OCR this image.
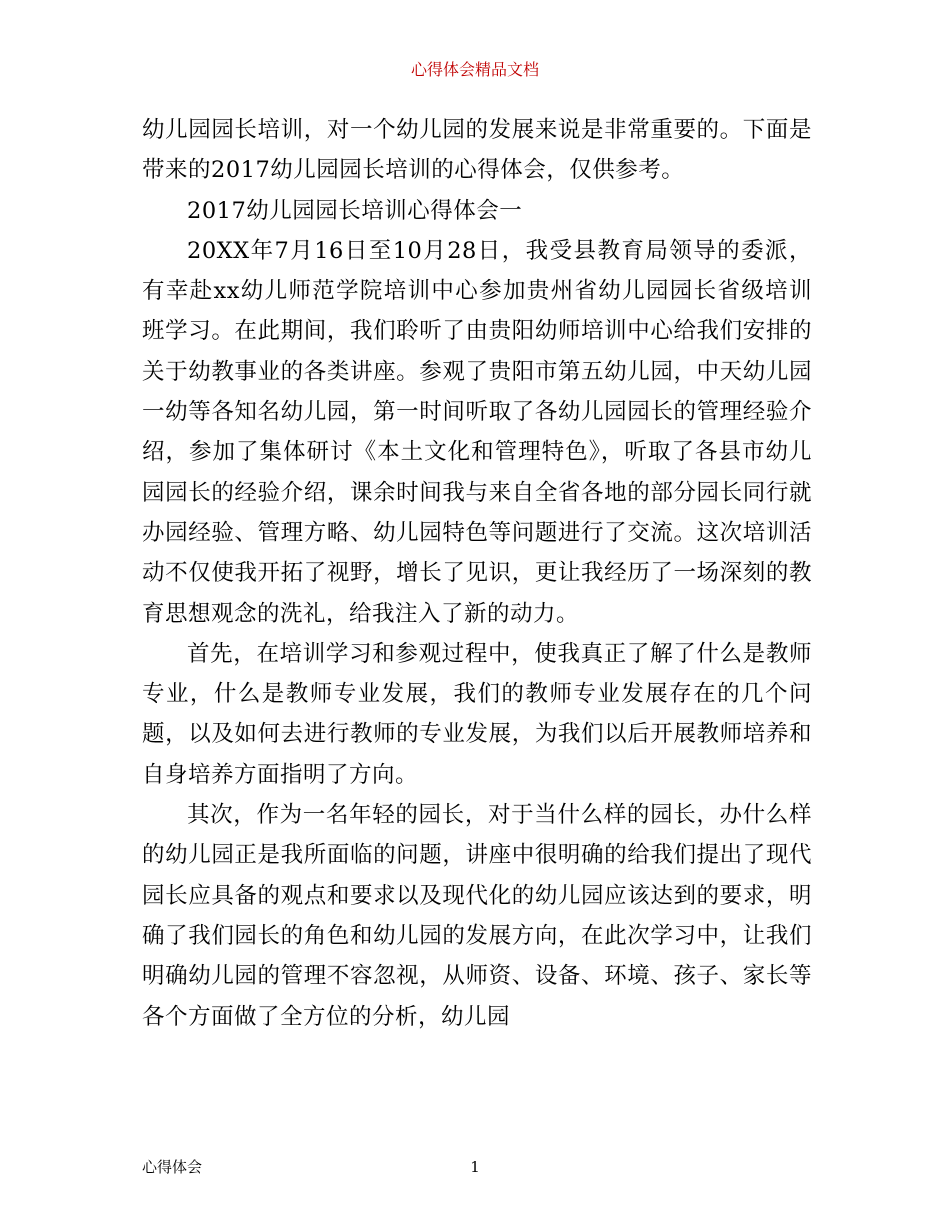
心得体会精品文档

幼儿园园长培训，对一个幼儿园的发展来说是非常重要的。下面是带来的2017幼儿园园长培训的心得体会，仅供参考。

2017幼儿园园长培训心得体会一

20XX年7月16日至10月28日，我受县教育局领导的委派，有幸赴xx幼儿师范学院培训中心参加贵州省幼儿园园长省级培训班学习。在此期间，我们聆听了由贵阳幼师培训中心给我们安排的关于幼教事业的各类讲座。参观了贵阳市第五幼儿园，中天幼儿园一幼等各知名幼儿园，第一时间听取了各幼儿园园长的管理经验介绍，参加了集体研讨《本土文化和管理特色》，听取了各县市幼儿园园长的经验介绍，课余时间我与来自全省各地的部分园长同行就办园经验、管理方略、幼儿园特色等问题进行了交流。这次培训活动不仅使我开拓了视野，增长了见识，更让我经历了一场深刻的教育思想观念的洗礼，给我注入了新的动力。

首先，在培训学习和参观过程中，使我真正了解了什么是教师专业，什么是教师专业发展，我们的教师专业发展存在的几个问题，以及如何去进行教师的专业发展，为我们以后开展教师培养和自身培养方面指明了方向。

其次，作为一名年轻的园长，对于当什么样的园长，办什么样的幼儿园正是我所面临的问题，讲座中很明确的给我们提出了现代园长应具备的观点和要求以及现代化的幼儿园应该达到的要求，明确了我们园长的角色和幼儿园的发展方向，在此次学习中，让我们明确幼儿园的管理不容忽视，从师资、设备、环境、孩子、家长等各个方面做了全方位的分析，幼儿园

心得体会	1
